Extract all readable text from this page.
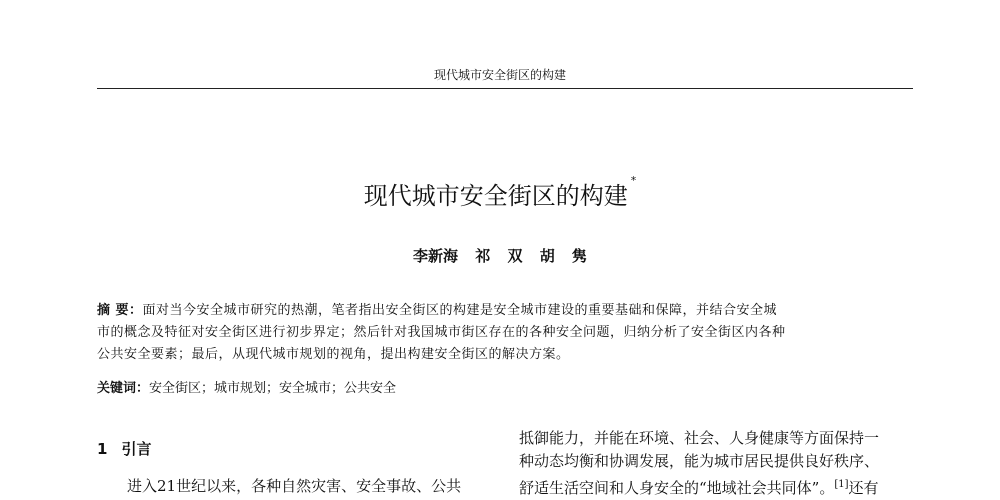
现代城市安全街区的构建
现代城市安全街区的构建*
李新海 祁 双 胡 隽
摘 要：面对当今安全城市研究的热潮，笔者指出安全街区的构建是安全城市建设的重要基础和保障，并结合安全城
市的概念及特征对安全街区进行初步界定；然后针对我国城市街区存在的各种安全问题，归纳分析了安全街区内各种
公共安全要素；最后，从现代城市规划的视角，提出构建安全街区的解决方案。
关键词：安全街区；城市规划；安全城市；公共安全
1 引言
进入21世纪以来，各种自然灾害、安全事故、公共
抵御能力，并能在环境、社会、人身健康等方面保持一
种动态均衡和协调发展，能为城市居民提供良好秩序、
舒适生活空间和人身安全的“地域社会共同体”。[1]还有
